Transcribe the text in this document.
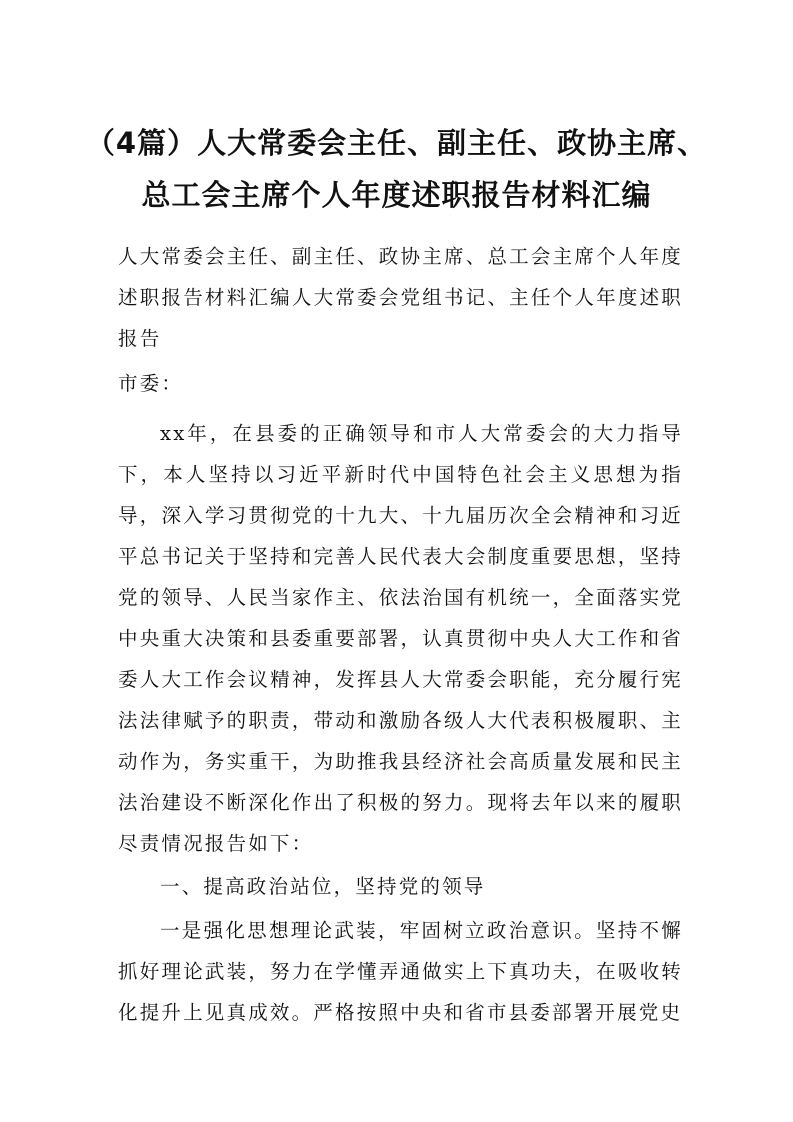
（4篇）人大常委会主任、副主任、政协主席、总工会主席个人年度述职报告材料汇编

人大常委会主任、副主任、政协主席、总工会主席个人年度述职报告材料汇编人大常委会党组书记、主任个人年度述职报告

市委：

xx年，在县委的正确领导和市人大常委会的大力指导下，本人坚持以习近平新时代中国特色社会主义思想为指导，深入学习贯彻党的十九大、十九届历次全会精神和习近平总书记关于坚持和完善人民代表大会制度重要思想，坚持党的领导、人民当家作主、依法治国有机统一，全面落实党中央重大决策和县委重要部署，认真贯彻中央人大工作和省委人大工作会议精神，发挥县人大常委会职能，充分履行宪法法律赋予的职责，带动和激励各级人大代表积极履职、主动作为，务实重干，为助推我县经济社会高质量发展和民主法治建设不断深化作出了积极的努力。现将去年以来的履职尽责情况报告如下：

一、提高政治站位，坚持党的领导

一是强化思想理论武装，牢固树立政治意识。坚持不懈抓好理论武装，努力在学懂弄通做实上下真功夫，在吸收转化提升上见真成效。严格按照中央和省市县委部署开展党史
